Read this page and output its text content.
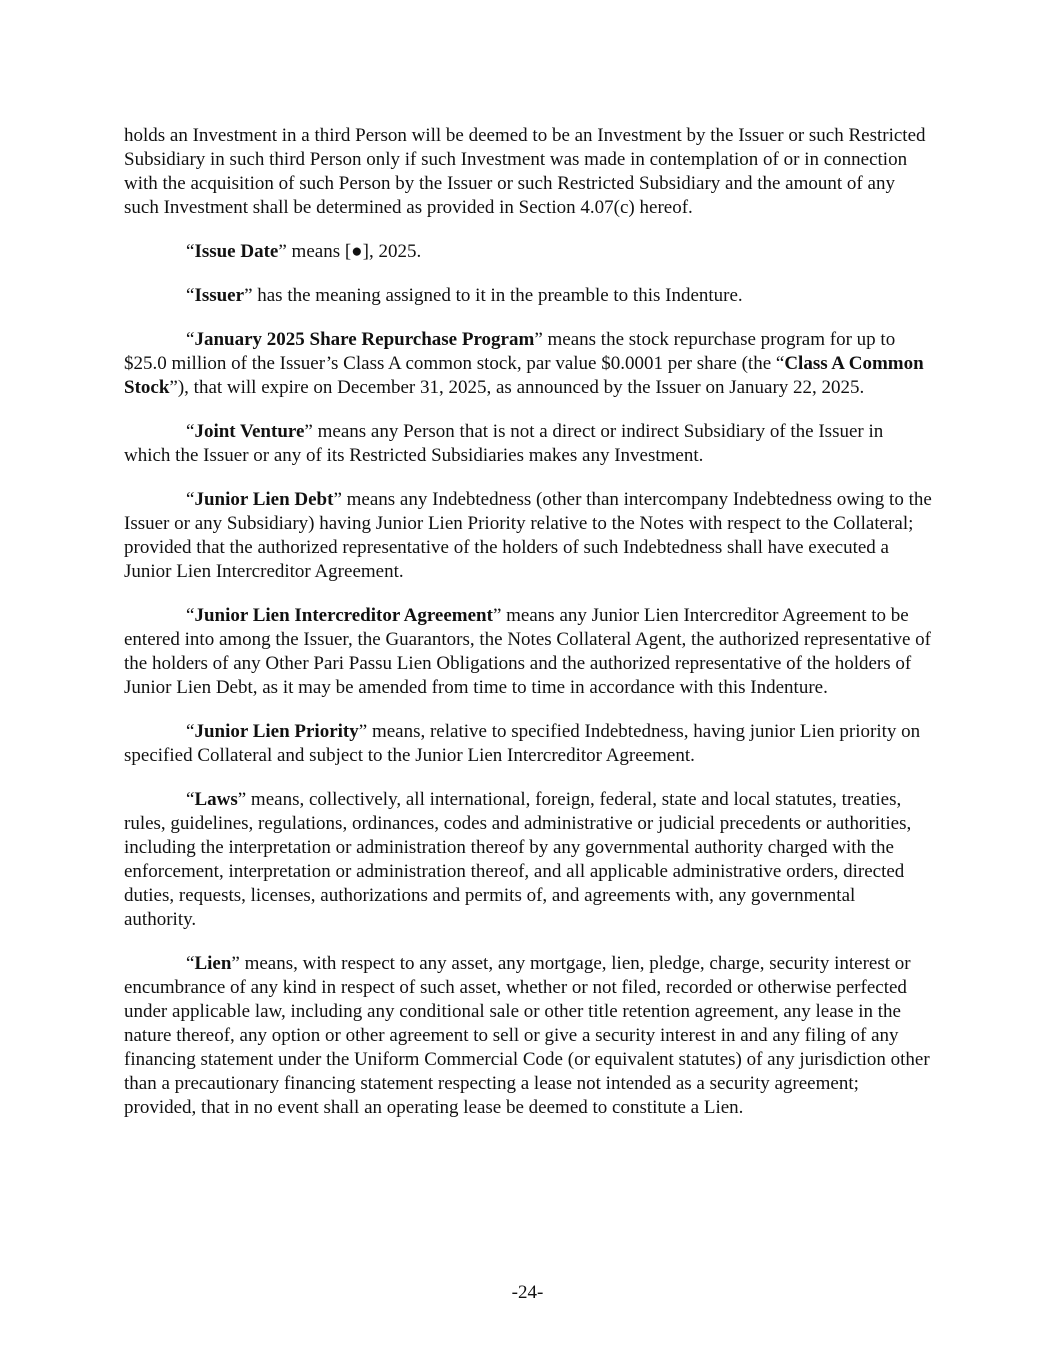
holds an Investment in a third Person will be deemed to be an Investment by the Issuer or such Restricted Subsidiary in such third Person only if such Investment was made in contemplation of or in connection with the acquisition of such Person by the Issuer or such Restricted Subsidiary and the amount of any such Investment shall be determined as provided in Section 4.07(c) hereof.

“Issue Date” means [●], 2025.

“Issuer” has the meaning assigned to it in the preamble to this Indenture.

“January 2025 Share Repurchase Program” means the stock repurchase program for up to $25.0 million of the Issuer’s Class A common stock, par value $0.0001 per share (the “Class A Common Stock”), that will expire on December 31, 2025, as announced by the Issuer on January 22, 2025.

“Joint Venture” means any Person that is not a direct or indirect Subsidiary of the Issuer in which the Issuer or any of its Restricted Subsidiaries makes any Investment.

“Junior Lien Debt” means any Indebtedness (other than intercompany Indebtedness owing to the Issuer or any Subsidiary) having Junior Lien Priority relative to the Notes with respect to the Collateral; provided that the authorized representative of the holders of such Indebtedness shall have executed a Junior Lien Intercreditor Agreement.

“Junior Lien Intercreditor Agreement” means any Junior Lien Intercreditor Agreement to be entered into among the Issuer, the Guarantors, the Notes Collateral Agent, the authorized representative of the holders of any Other Pari Passu Lien Obligations and the authorized representative of the holders of Junior Lien Debt, as it may be amended from time to time in accordance with this Indenture.

“Junior Lien Priority” means, relative to specified Indebtedness, having junior Lien priority on specified Collateral and subject to the Junior Lien Intercreditor Agreement.

“Laws” means, collectively, all international, foreign, federal, state and local statutes, treaties, rules, guidelines, regulations, ordinances, codes and administrative or judicial precedents or authorities, including the interpretation or administration thereof by any governmental authority charged with the enforcement, interpretation or administration thereof, and all applicable administrative orders, directed duties, requests, licenses, authorizations and permits of, and agreements with, any governmental authority.

“Lien” means, with respect to any asset, any mortgage, lien, pledge, charge, security interest or encumbrance of any kind in respect of such asset, whether or not filed, recorded or otherwise perfected under applicable law, including any conditional sale or other title retention agreement, any lease in the nature thereof, any option or other agreement to sell or give a security interest in and any filing of any financing statement under the Uniform Commercial Code (or equivalent statutes) of any jurisdiction other than a precautionary financing statement respecting a lease not intended as a security agreement; provided, that in no event shall an operating lease be deemed to constitute a Lien.

-24-
